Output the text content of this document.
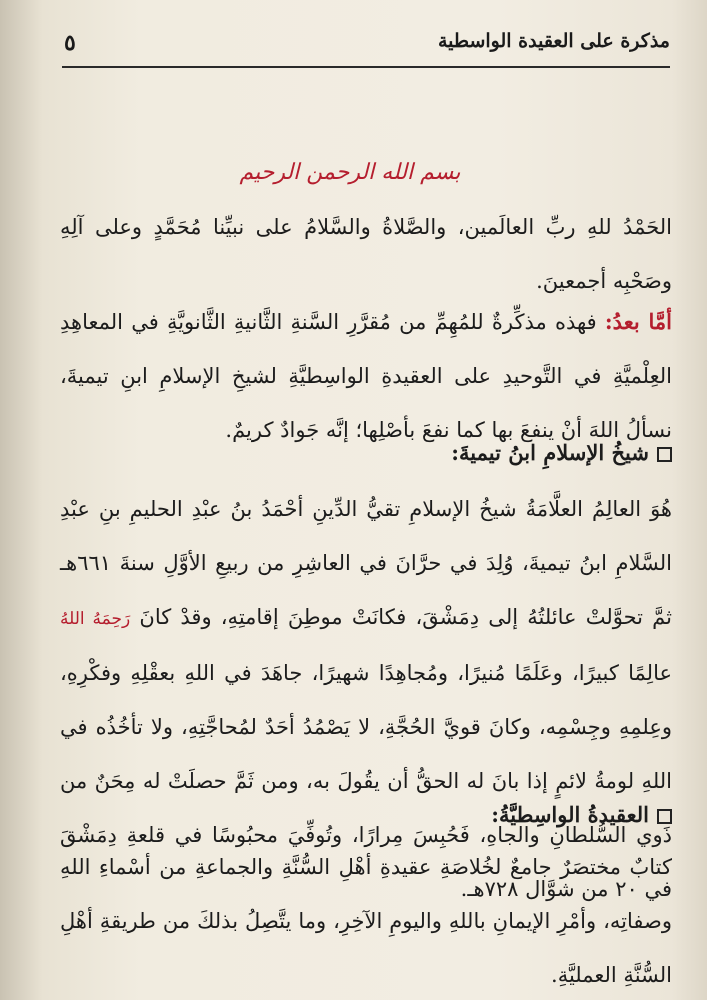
مذكرة على العقيدة الواسطية
٥
بسم الله الرحمن الرحيم
الحَمْدُ للهِ ربِّ العالَمين، والصَّلاةُ والسَّلامُ على نبيِّنا مُحَمَّدٍ وعلى آلِهِ وصَحْبِه أجمعينَ.
أمَّا بعدُ: فهذه مذكِّرةٌ للمُهِمِّ من مُقرَّرِ السَّنةِ الثَّانيةِ الثَّانويَّةِ في المعاهِدِ العِلْميَّةِ في التَّوحيدِ على العقيدةِ الواسِطيَّةِ لشيخِ الإسلامِ ابنِ تيميةَ، نسألُ اللهَ أنْ ينفعَ بها كما نفعَ بأصْلِها؛ إنَّه جَوادٌ كريمٌ.
شيخُ الإسلامِ ابنُ تيميةَ:
هُوَ العالِمُ العلَّامَةُ شيخُ الإسلامِ تقيُّ الدِّينِ أحْمَدُ بنُ عبْدِ الحليمِ بنِ عبْدِ السَّلامِ ابنُ تيميةَ، وُلِدَ في حرَّانَ في العاشِرِ من ربيعِ الأوَّلِ سنةَ ٦٦١هـ ثمَّ تحوَّلتْ عائلتُهُ إلى دِمَشْقَ، فكانَتْ موطِنَ إقامتِهِ، وقدْ كانَ رَحِمَهُ اللهُ عالِمًا كبيرًا، وعَلَمًا مُنيرًا، ومُجاهِدًا شهيرًا، جاهَدَ في اللهِ بعقْلِهِ وفكْرِهِ، وعِلمِهِ وجِسْمِه، وكانَ قويَّ الحُجَّةِ، لا يَصْمُدُ أحَدٌ لمُحاجَّتِهِ، ولا تأخُذُه في اللهِ لومةُ لائمٍ إذا بانَ له الحقُّ أن يقُولَ به، ومن ثَمَّ حصلَتْ له مِحَنٌ من ذَوي السُّلطانِ والجاهِ، فَحُبِسَ مِرارًا، وتُوفِّيَ محبُوسًا في قلعةِ دِمَشْقَ في ٢٠ من شوَّال ٧٢٨هـ.
العقيدةُ الواسِطيَّةُ:
كتابٌ مختصَرٌ جامعٌ لخُلاصَةِ عقيدةِ أهْلِ السُّنَّةِ والجماعةِ من أسْماءِ اللهِ وصفاتِه، وأمْرِ الإيمانِ باللهِ واليومِ الآخِرِ، وما يتَّصِلُ بذلكَ من طريقةِ أهْلِ السُّنَّةِ العمليَّةِ.
